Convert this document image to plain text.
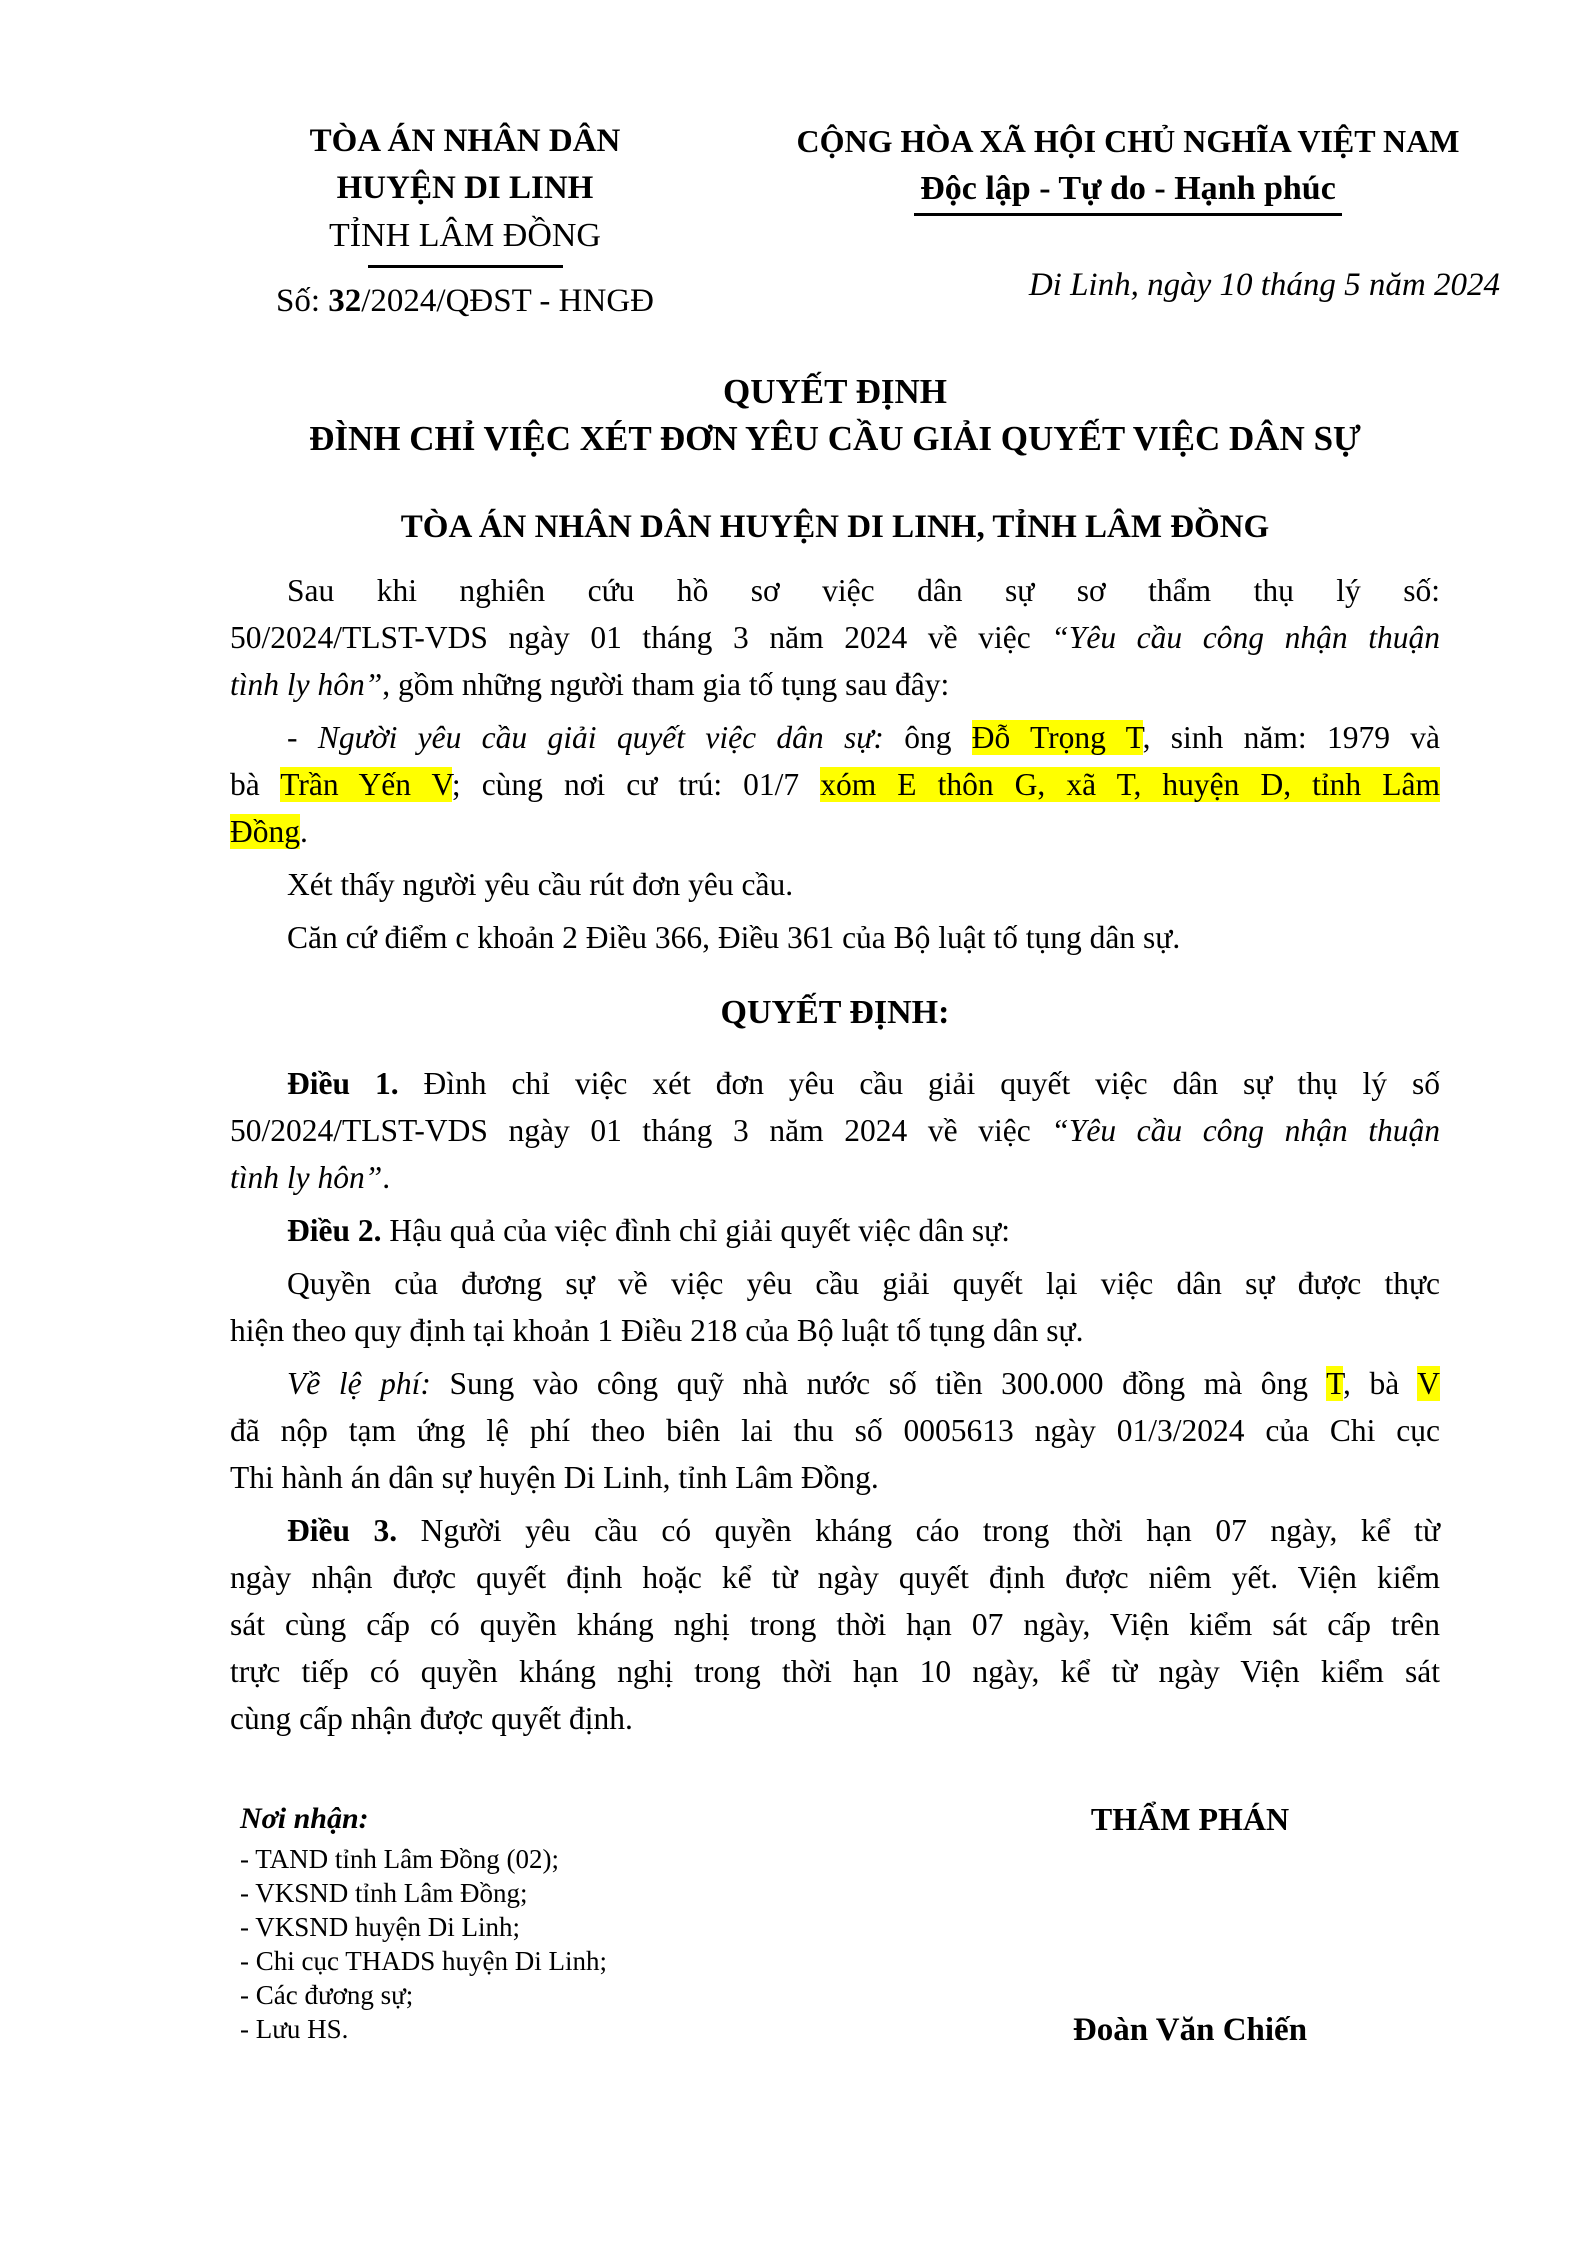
TÒA ÁN NHÂN DÂN
HUYỆN DI LINH
TỈNH LÂM ĐỒNG
Số: 32/2024/QĐST - HNGĐ
CỘNG HÒA XÃ HỘI CHỦ NGHĨA VIỆT NAM
Độc lập - Tự do - Hạnh phúc
Di Linh, ngày 10 tháng 5 năm 2024
QUYẾT ĐỊNH
ĐÌNH CHỈ VIỆC XÉT ĐƠN YÊU CẦU GIẢI QUYẾT VIỆC DÂN SỰ
TÒA ÁN NHÂN DÂN HUYỆN DI LINH, TỈNH LÂM ĐỒNG
Sau khi nghiên cứu hồ sơ việc dân sự sơ thẩm thụ lý số:
50/2024/TLST-VDS ngày 01 tháng 3 năm 2024 về việc “Yêu cầu công nhận thuận
tình ly hôn”, gồm những người tham gia tố tụng sau đây:
- Người yêu cầu giải quyết việc dân sự: ông Đỗ Trọng T, sinh năm: 1979 và
bà Trần Yến V; cùng nơi cư trú: 01/7 xóm E thôn G, xã T, huyện D, tỉnh Lâm
Đồng.
Xét thấy người yêu cầu rút đơn yêu cầu.
Căn cứ điểm c khoản 2 Điều 366, Điều 361 của Bộ luật tố tụng dân sự.
QUYẾT ĐỊNH:
Điều 1. Đình chỉ việc xét đơn yêu cầu giải quyết việc dân sự thụ lý số
50/2024/TLST-VDS ngày 01 tháng 3 năm 2024 về việc “Yêu cầu công nhận thuận
tình ly hôn”.
Điều 2. Hậu quả của việc đình chỉ giải quyết việc dân sự:
Quyền của đương sự về việc yêu cầu giải quyết lại việc dân sự được thực
hiện theo quy định tại khoản 1 Điều 218 của Bộ luật tố tụng dân sự.
Về lệ phí: Sung vào công quỹ nhà nước số tiền 300.000 đồng mà ông T, bà V
đã nộp tạm ứng lệ phí theo biên lai thu số 0005613 ngày 01/3/2024 của Chi cục
Thi hành án dân sự huyện Di Linh, tỉnh Lâm Đồng.
Điều 3. Người yêu cầu có quyền kháng cáo trong thời hạn 07 ngày, kể từ
ngày nhận được quyết định hoặc kể từ ngày quyết định được niêm yết. Viện kiểm
sát cùng cấp có quyền kháng nghị trong thời hạn 07 ngày, Viện kiểm sát cấp trên
trực tiếp có quyền kháng nghị trong thời hạn 10 ngày, kể từ ngày Viện kiểm sát
cùng cấp nhận được quyết định.
Nơi nhận:
- TAND tỉnh Lâm Đồng (02);
- VKSND tỉnh Lâm Đồng;
- VKSND huyện Di Linh;
- Chi cục THADS huyện Di Linh;
- Các đương sự;
- Lưu HS.
THẨM PHÁN
Đoàn Văn Chiến
